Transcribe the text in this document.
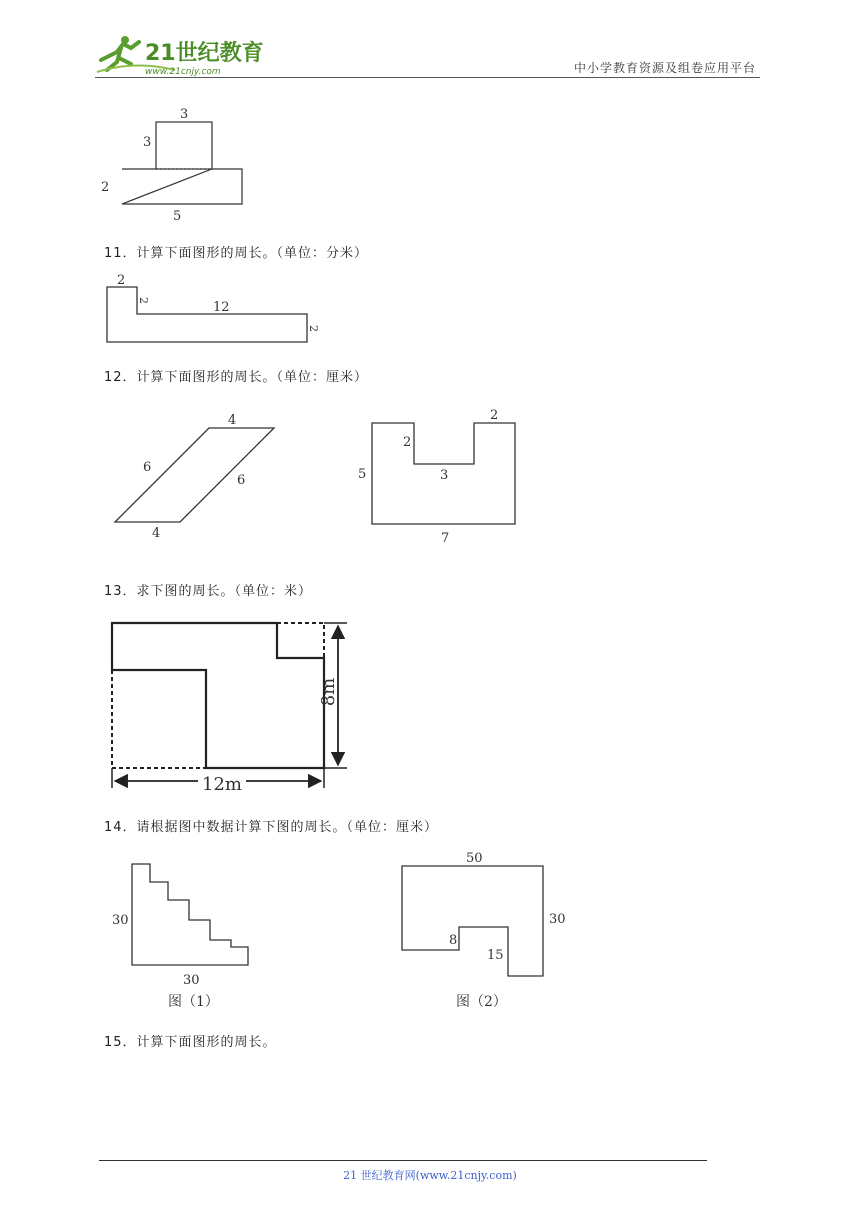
21世纪教育
www.21cnjy.com	中小学教育资源及组卷应用平台
3
3
2
5
11．计算下面图形的周长。（单位：分米）
2
2	12
2
12．计算下面图形的周长。（单位：厘米）
4
6
6
4
2
2
3
5
7
13．求下图的周长。（单位：米）
8m
12m
14．请根据图中数据计算下图的周长。（单位：厘米）
30
30
图（1）
50
30
8
15
图（2）
15．计算下面图形的周长。
21 世纪教育网(www.21cnjy.com)
